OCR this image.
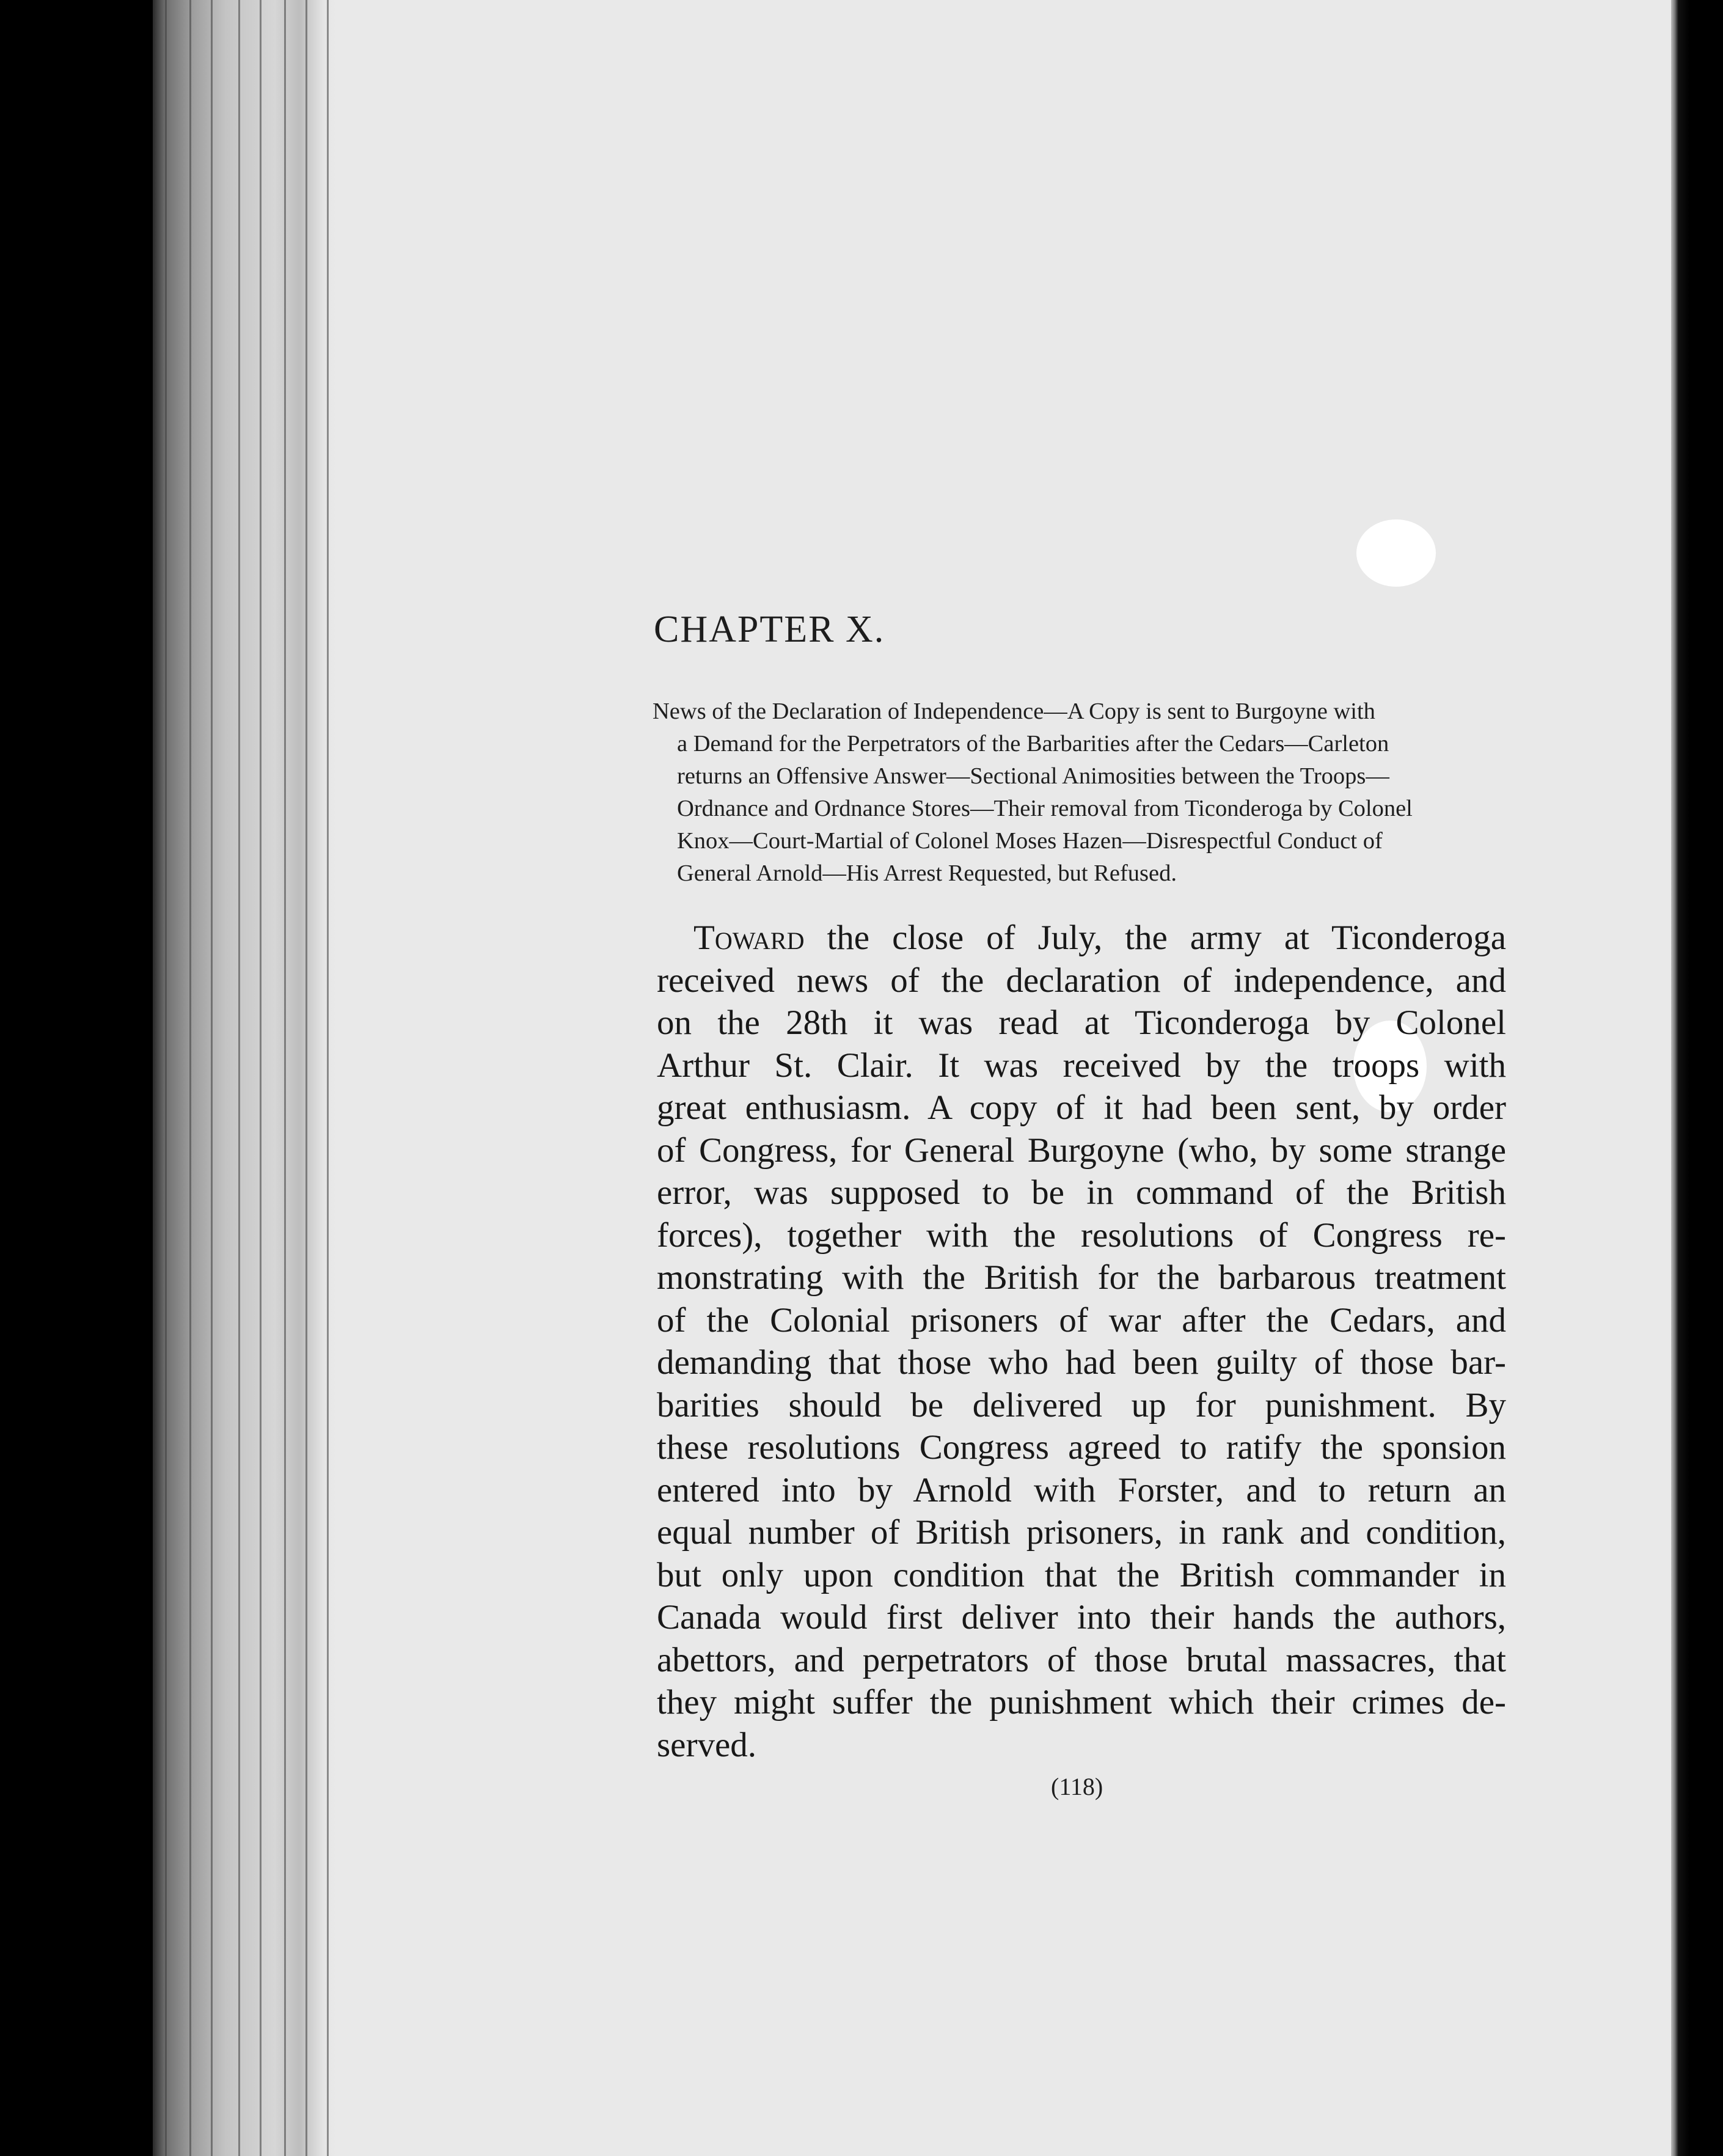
CHAPTER X.
News of the Declaration of Independence—A Copy is sent to Burgoyne with
a Demand for the Perpetrators of the Barbarities after the Cedars—Carleton
returns an Offensive Answer—Sectional Animosities between the Troops—
Ordnance and Ordnance Stores—Their removal from Ticonderoga by Colonel
Knox—Court-Martial of Colonel Moses Hazen—Disrespectful Conduct of
General Arnold—His Arrest Requested, but Refused.
Toward the close of July, the army at Ticonderoga
received news of the declaration of independence, and
on the 28th it was read at Ticonderoga by Colonel
Arthur St. Clair. It was received by the troops with
great enthusiasm. A copy of it had been sent, by order
of Congress, for General Burgoyne (who, by some strange
error, was supposed to be in command of the British
forces), together with the resolutions of Congress re-
monstrating with the British for the barbarous treatment
of the Colonial prisoners of war after the Cedars, and
demanding that those who had been guilty of those bar-
barities should be delivered up for punishment. By
these resolutions Congress agreed to ratify the sponsion
entered into by Arnold with Forster, and to return an
equal number of British prisoners, in rank and condition,
but only upon condition that the British commander in
Canada would first deliver into their hands the authors,
abettors, and perpetrators of those brutal massacres, that
they might suffer the punishment which their crimes de-
served.
(118)
